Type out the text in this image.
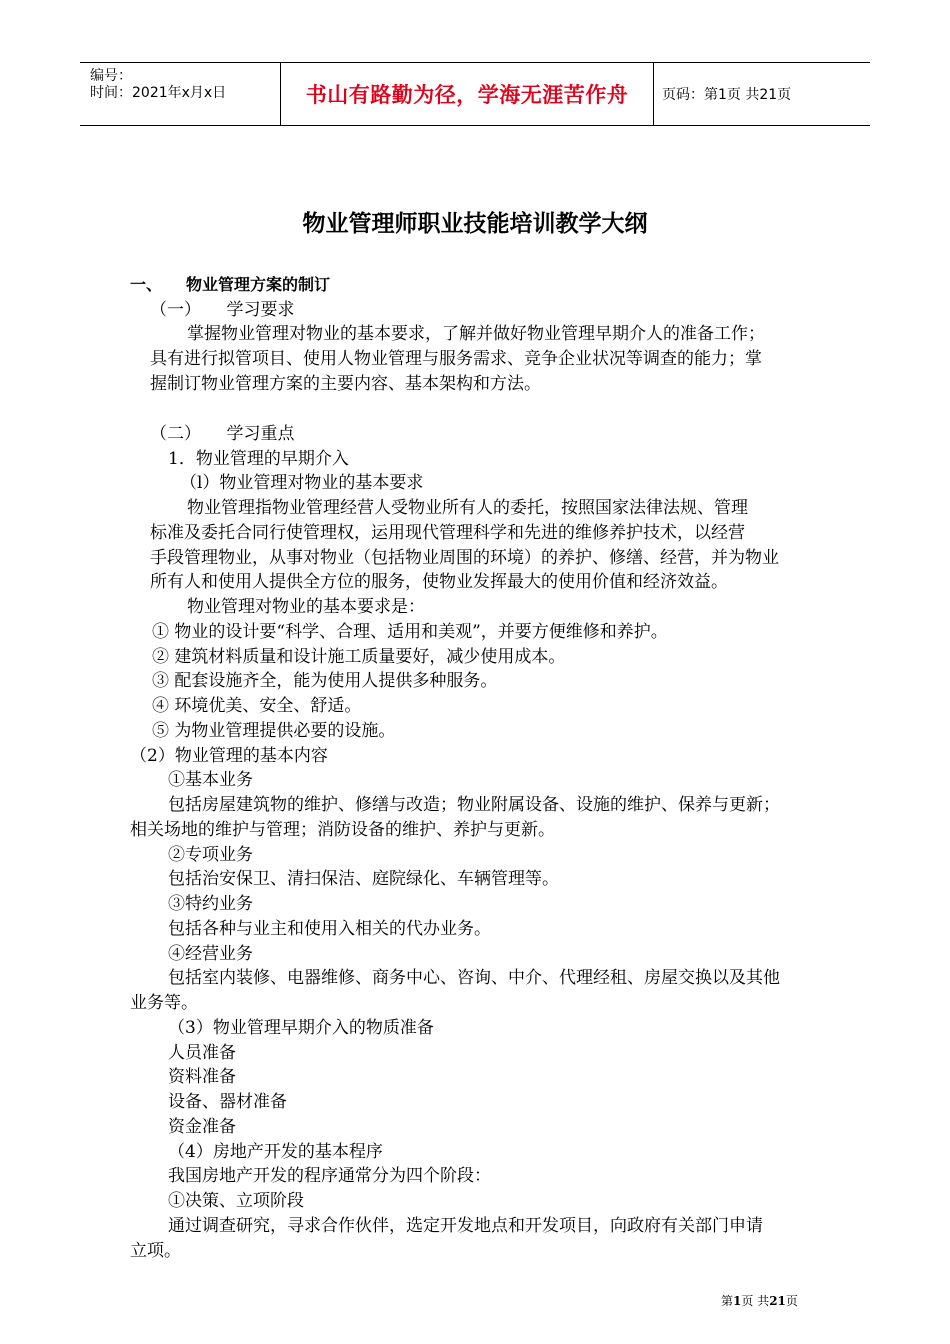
编号：
时间：2021年x月x日	书山有路勤为径，学海无涯苦作舟	页码：第1页 共21页
物业管理师职业技能培训教学大纲
一、　　物业管理方案的制订
（一）　　学习要求
掌握物业管理对物业的基本要求，了解并做好物业管理早期介人的准备工作；
具有进行拟管项目、使用人物业管理与服务需求、竞争企业状况等调查的能力；掌
握制订物业管理方案的主要内容、基本架构和方法。
（二）　　学习重点
1．物业管理的早期介入
（l）物业管理对物业的基本要求
物业管理指物业管理经营人受物业所有人的委托，按照国家法律法规、管理
标准及委托合同行使管理权，运用现代管理科学和先进的维修养护技术，以经营
手段管理物业，从事对物业（包括物业周围的环境）的养护、修缮、经营，并为物业
所有人和使用人提供全方位的服务，使物业发挥最大的使用价值和经济效益。
物业管理对物业的基本要求是：
① 物业的设计要“科学、合理、适用和美观”，并要方便维修和养护。
② 建筑材料质量和设计施工质量要好，减少使用成本。
③ 配套设施齐全，能为使用人提供多种服务。
④ 环境优美、安全、舒适。
⑤ 为物业管理提供必要的设施。
（2）物业管理的基本内容
①基本业务
包括房屋建筑物的维护、修缮与改造；物业附属设备、设施的维护、保养与更新；
相关场地的维护与管理；消防设备的维护、养护与更新。
②专项业务
包括治安保卫、清扫保洁、庭院绿化、车辆管理等。
③特约业务
包括各种与业主和使用入相关的代办业务。
④经营业务
包括室内装修、电器维修、商务中心、咨询、中介、代理经租、房屋交换以及其他
业务等。
（3）物业管理早期介入的物质准备
人员准备
资料准备
设备、器材准备
资金准备
（4）房地产开发的基本程序
我国房地产开发的程序通常分为四个阶段：
①决策、立项阶段
通过调查研究，寻求合作伙伴，选定开发地点和开发项目，向政府有关部门申请
立项。
第1页 共21页
